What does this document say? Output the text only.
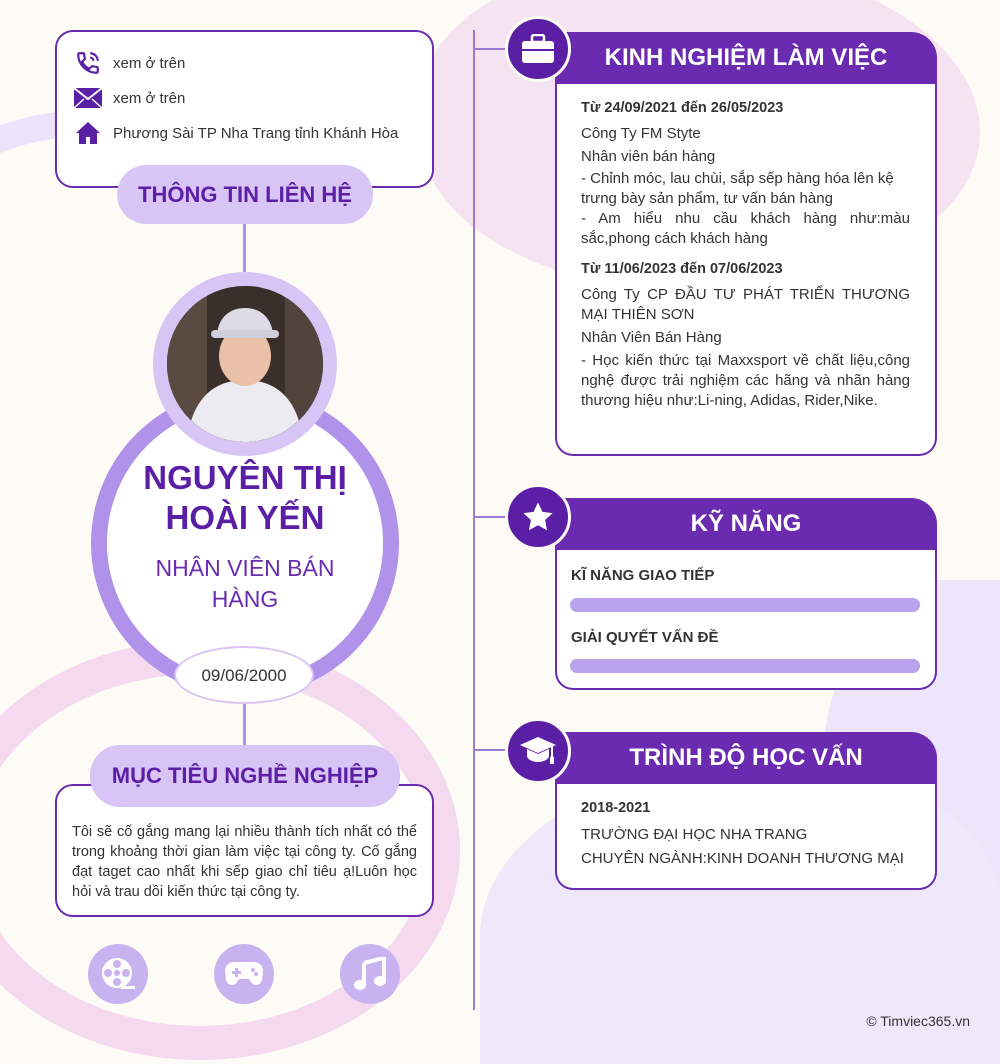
xem ở trên
xem ở trên
Phương Sài TP Nha Trang tỉnh Khánh Hòa
THÔNG TIN LIÊN HỆ
NGUYÊN THỊ
HOÀI YẾN
NHÂN VIÊN BÁN
HÀNG
09/06/2000
MỤC TIÊU NGHỀ NGHIỆP
Tôi sẽ cố gắng mang lại nhiều thành tích nhất có thể trong khoảng thời gian làm việc tại công ty. Cố gắng đạt taget cao nhất khi sếp giao chỉ tiêu ạ!Luôn học hỏi và trau dồi kiến thức tại công ty.
KINH NGHIỆM LÀM VIỆC
Từ 24/09/2021 đến 26/05/2023
Công Ty FM Styte
Nhân viên bán hàng
- Chỉnh móc, lau chùi, sắp sếp hàng hóa lên kệ trưng bày sản phẩm, tư vấn bán hàng
- Am hiểu nhu cầu khách hàng như:màu sắc,phong cách khách hàng
Từ 11/06/2023 đến 07/06/2023
Công Ty CP ĐẦU TƯ PHÁT TRIỂN THƯƠNG MẠI THIÊN SƠN
Nhân Viên Bán Hàng
- Học kiến thức tại Maxxsport về chất liệu,công nghệ được trải nghiệm các hãng và nhãn hàng thương hiệu như:Li-ning, Adidas, Rider,Nike.
KỸ NĂNG
KĨ NĂNG GIAO TIẾP
GIẢI QUYẾT VẤN ĐỀ
TRÌNH ĐỘ HỌC VẤN
2018-2021
TRƯỜNG ĐẠI HỌC NHA TRANG
CHUYÊN NGÀNH:KINH DOANH THƯƠNG MẠI
© Timviec365.vn
